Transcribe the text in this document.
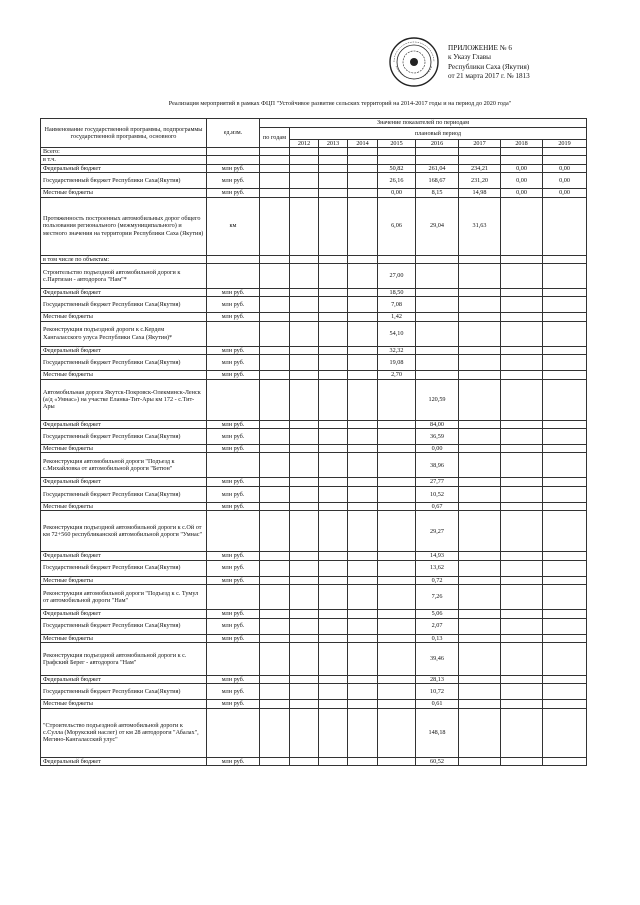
ПРИЛОЖЕНИЕ № 6
к Указу Главы
Республики Саха (Якутия)
от 21 марта 2017 г. № 1813
Реализация мероприятий в рамках ФЦП "Устойчивое развитие сельских территорий на 2014-2017 годы и на период до 2020 года"
Наименование государственной программы, подпрограммы государственной программы, основного	ед.изм.	Значение показателей по периодам								
		по годам	плановый период							
			2012	2013	2014	2015	2016	2017	2018	2019
Всего:										
в т.ч.										
Федеральный бюджет	млн руб.					50,82	261,04	234,21	0,00	0,00
Государственный бюджет Республики Саха(Якутия)	млн руб.					26,16	168,67	231,20	0,00	0,00
Местные бюджеты	млн руб.					0,00	8,15	14,98	0,00	0,00
Протяженность построенных автомобильных дорог общего пользования регионального (межмуниципального) и местного значения на территории Республики Саха (Якутия)	км					6,06	29,04	31,63		
в том числе по объектам:										
Строительство подъездной автомобильной дороги к с.Партизан - автодорога "Нам"*						27,00				
Федеральный бюджет	млн руб.					18,50				
Государственный бюджет Республики Саха(Якутия)	млн руб.					7,08				
Местные бюджеты	млн руб.					1,42				
Реконструкция подъездной дороги к с.Кердем Хангаласского улуса Республики Саха (Якутия)*						54,10				
Федеральный бюджет	млн руб.					32,32				
Государственный бюджет Республики Саха(Якутия)	млн руб.					19,08				
Местные бюджеты	млн руб.					2,70				
Автомобильная дорога Якутск-Покровск-Олекминск-Ленск (а/д «Умнас») на участке Еланка-Тит-Ары км 172 - с.Тит-Ары							120,59			
Федеральный бюджет	млн руб.						84,00			
Государственный бюджет Республики Саха(Якутия)	млн руб.						36,59			
Местные бюджеты	млн руб.						0,00			
Реконструкция автомобильной дороги "Подъезд к с.Михайловка от автомобильной дороги "Бетюн"							38,96			
Федеральный бюджет	млн руб.						27,77			
Государственный бюджет Республики Саха(Якутия)	млн руб.						10,52			
Местные бюджеты	млн руб.						0,67			
Реконструкция подъездной автомобильной дороги к с.Ой от км 72+560 республиканской автомобильной дороги "Умнас"							29,27			
Федеральный бюджет	млн руб.						14,93			
Государственный бюджет Республики Саха(Якутия)	млн руб.						13,62			
Местные бюджеты	млн руб.						0,72			
Реконструкция автомобильной дороги "Подъезд к с. Тумул от автомобильной дороги "Нам"							7,26			
Федеральный бюджет	млн руб.						5,06			
Государственный бюджет Республики Саха(Якутия)	млн руб.						2,07			
Местные бюджеты	млн руб.						0,13			
Реконструкция подъездной автомобильной дороги к с. Графский Берег - автодорога "Нам"							39,46			
Федеральный бюджет	млн руб.						28,13			
Государственный бюджет Республики Саха(Якутия)	млн руб.						10,72			
Местные бюджеты	млн руб.						0,61			
"Строительство подъездной автомобильной дороги к с.Сулла (Морукский наслег) от км 28 автодороги "Абалах", Мегино-Кангаласский улус"							148,18			
Федеральный бюджет	млн руб.						60,52			
